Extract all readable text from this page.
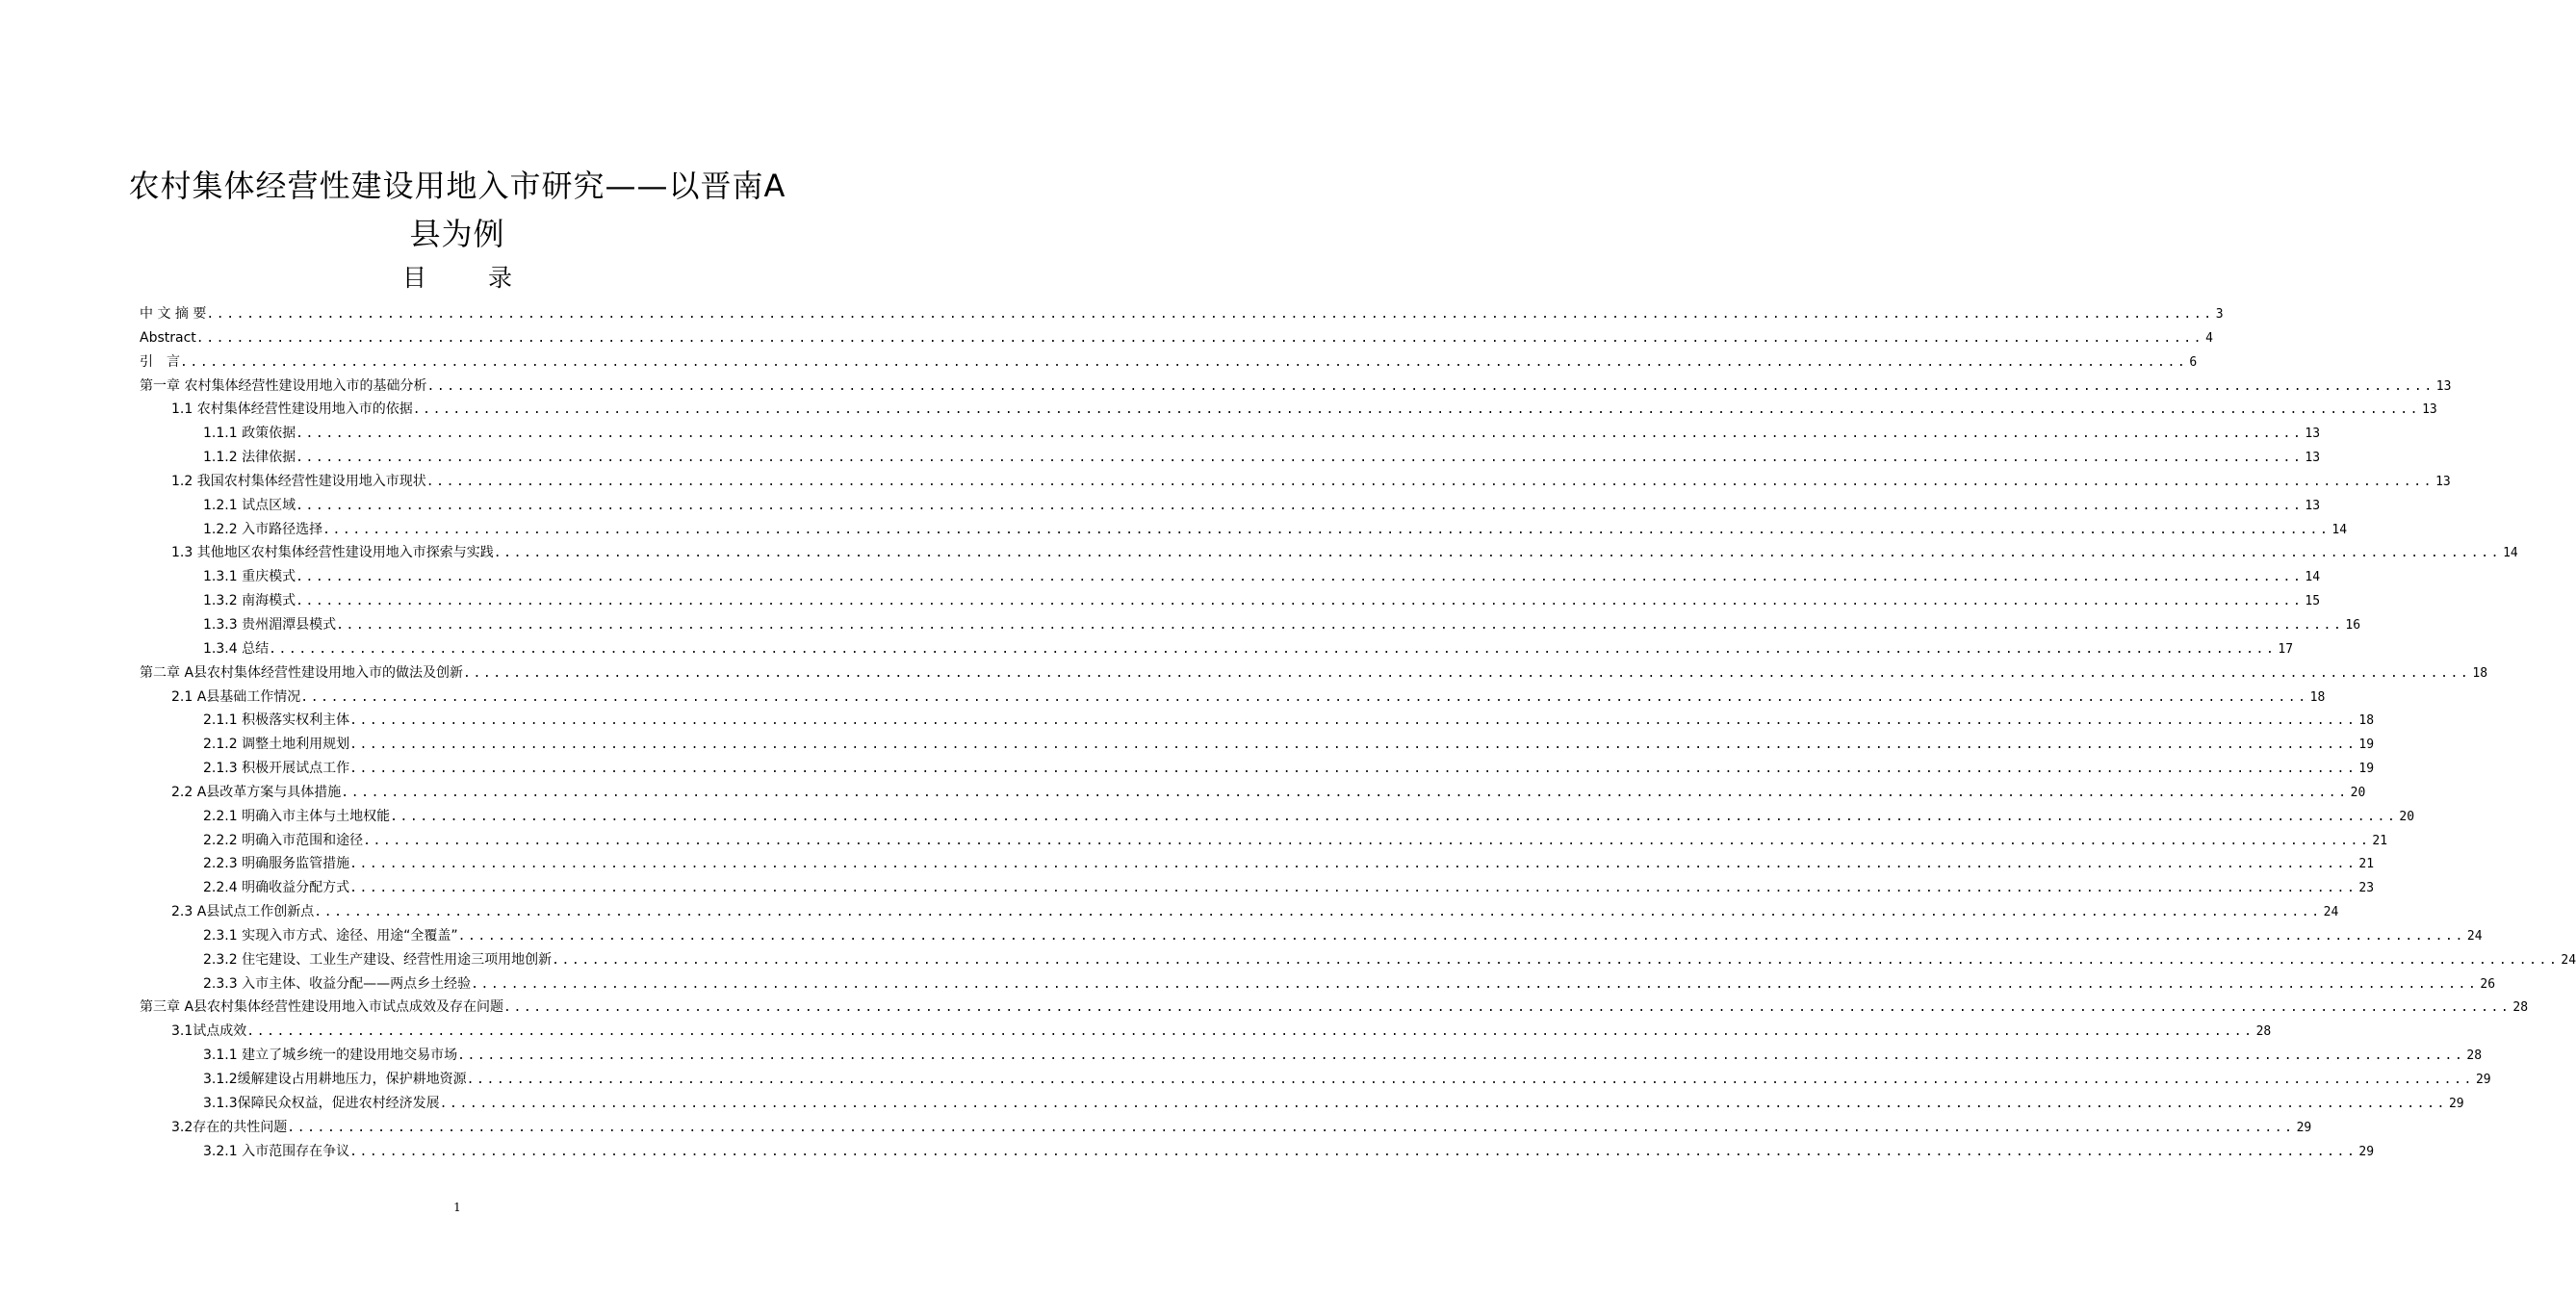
农村集体经营性建设用地入市研究——以晋南A
县为例
目 录
中 文 摘 要 ........................................................................................................................................................................................................ 3
Abstract ........................................................................................................................................................................................................ 4
引　言 ........................................................................................................................................................................................................ 6
第一章 农村集体经营性建设用地入市的基础分析 ........................................................................................................................................................................................................ 13
1.1 农村集体经营性建设用地入市的依据 ........................................................................................................................................................................................................ 13
1.1.1 政策依据 ........................................................................................................................................................................................................ 13
1.1.2 法律依据 ........................................................................................................................................................................................................ 13
1.2 我国农村集体经营性建设用地入市现状 ........................................................................................................................................................................................................ 13
1.2.1 试点区域 ........................................................................................................................................................................................................ 13
1.2.2 入市路径选择 ........................................................................................................................................................................................................ 14
1.3 其他地区农村集体经营性建设用地入市探索与实践 ........................................................................................................................................................................................................ 14
1.3.1 重庆模式 ........................................................................................................................................................................................................ 14
1.3.2 南海模式 ........................................................................................................................................................................................................ 15
1.3.3 贵州湄潭县模式 ........................................................................................................................................................................................................ 16
1.3.4 总结 ........................................................................................................................................................................................................ 17
第二章 A县农村集体经营性建设用地入市的做法及创新 ........................................................................................................................................................................................................ 18
2.1 A县基础工作情况 ........................................................................................................................................................................................................ 18
2.1.1 积极落实权利主体 ........................................................................................................................................................................................................ 18
2.1.2 调整土地利用规划 ........................................................................................................................................................................................................ 19
2.1.3 积极开展试点工作 ........................................................................................................................................................................................................ 19
2.2 A县改革方案与具体措施 ........................................................................................................................................................................................................ 20
2.2.1 明确入市主体与土地权能 ........................................................................................................................................................................................................ 20
2.2.2 明确入市范围和途径 ........................................................................................................................................................................................................ 21
2.2.3 明确服务监管措施 ........................................................................................................................................................................................................ 21
2.2.4 明确收益分配方式 ........................................................................................................................................................................................................ 23
2.3 A县试点工作创新点 ........................................................................................................................................................................................................ 24
2.3.1 实现入市方式、途径、用途“全覆盖” ........................................................................................................................................................................................................ 24
2.3.2 住宅建设、工业生产建设、经营性用途三项用地创新 ........................................................................................................................................................................................................ 24
2.3.3 入市主体、收益分配——两点乡土经验 ........................................................................................................................................................................................................ 26
第三章 A县农村集体经营性建设用地入市试点成效及存在问题 ........................................................................................................................................................................................................ 28
3.1试点成效 ........................................................................................................................................................................................................ 28
3.1.1 建立了城乡统一的建设用地交易市场 ........................................................................................................................................................................................................ 28
3.1.2缓解建设占用耕地压力，保护耕地资源 ........................................................................................................................................................................................................ 29
3.1.3保障民众权益，促进农村经济发展 ........................................................................................................................................................................................................ 29
3.2存在的共性问题 ........................................................................................................................................................................................................ 29
3.2.1 入市范围存在争议 ........................................................................................................................................................................................................ 29
1
